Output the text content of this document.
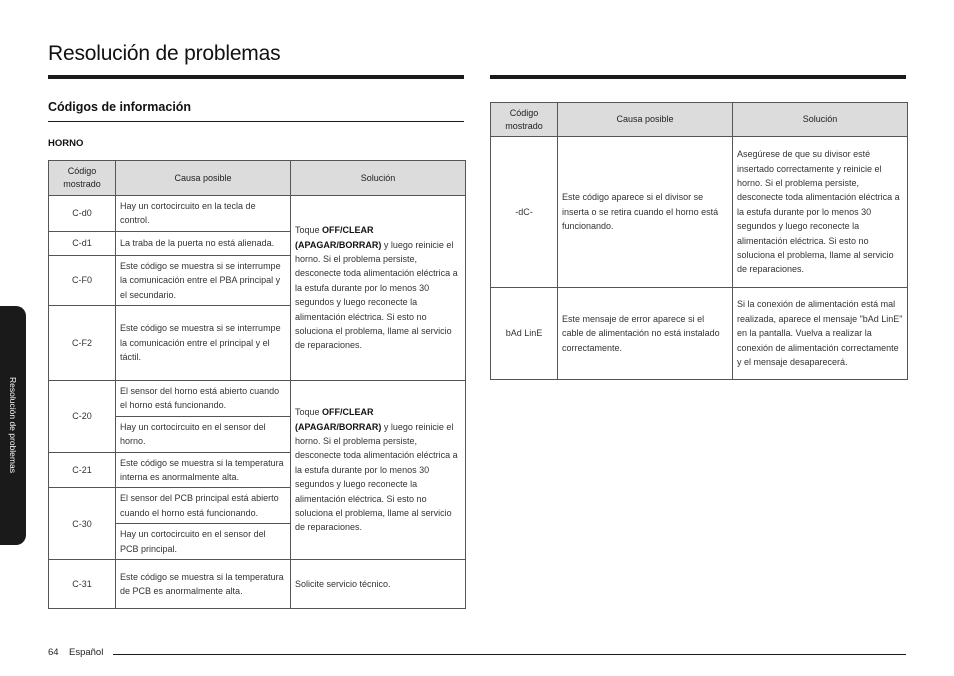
Resolución de problemas
Códigos de información
HORNO
Código mostrado	Causa posible	Solución
C-d0	Hay un cortocircuito en la tecla de control.	Toque OFF/CLEAR (APAGAR/BORRAR) y luego reinicie el horno. Si el problema persiste, desconecte toda alimentación eléctrica a la estufa durante por lo menos 30 segundos y luego reconecte la alimentación eléctrica. Si esto no soluciona el problema, llame al servicio de reparaciones.
C-d1	La traba de la puerta no está alienada.	
C-F0	Este código se muestra si se interrumpe la comunicación entre el PBA principal y el secundario.	
C-F2	Este código se muestra si se interrumpe la comunicación entre el principal y el táctil.	
C-20	El sensor del horno está abierto cuando el horno está funcionando.	Toque OFF/CLEAR (APAGAR/BORRAR) y luego reinicie el horno. Si el problema persiste, desconecte toda alimentación eléctrica a la estufa durante por lo menos 30 segundos y luego reconecte la alimentación eléctrica. Si esto no soluciona el problema, llame al servicio de reparaciones.
	Hay un cortocircuito en el sensor del horno.	
C-21	Este código se muestra si la temperatura interna es anormalmente alta.	
C-30	El sensor del PCB principal está abierto cuando el horno está funcionando.	
	Hay un cortocircuito en el sensor del PCB principal.	
C-31	Este código se muestra si la temperatura de PCB es anormalmente alta.	Solicite servicio técnico.
Código mostrado	Causa posible	Solución
-dC-	Este código aparece si el divisor se inserta o se retira cuando el horno está funcionando.	Asegúrese de que su divisor esté insertado correctamente y reinicie el horno. Si el problema persiste, desconecte toda alimentación eléctrica a la estufa durante por lo menos 30 segundos y luego reconecte la alimentación eléctrica. Si esto no soluciona el problema, llame al servicio de reparaciones.
bAd LinE	Este mensaje de error aparece si el cable de alimentación no está instalado correctamente.	Si la conexión de alimentación está mal realizada, aparece el mensaje "bAd LinE" en la pantalla. Vuelva a realizar la conexión de alimentación correctamente y el mensaje desaparecerá.
Resolución de problemas
64 Español
